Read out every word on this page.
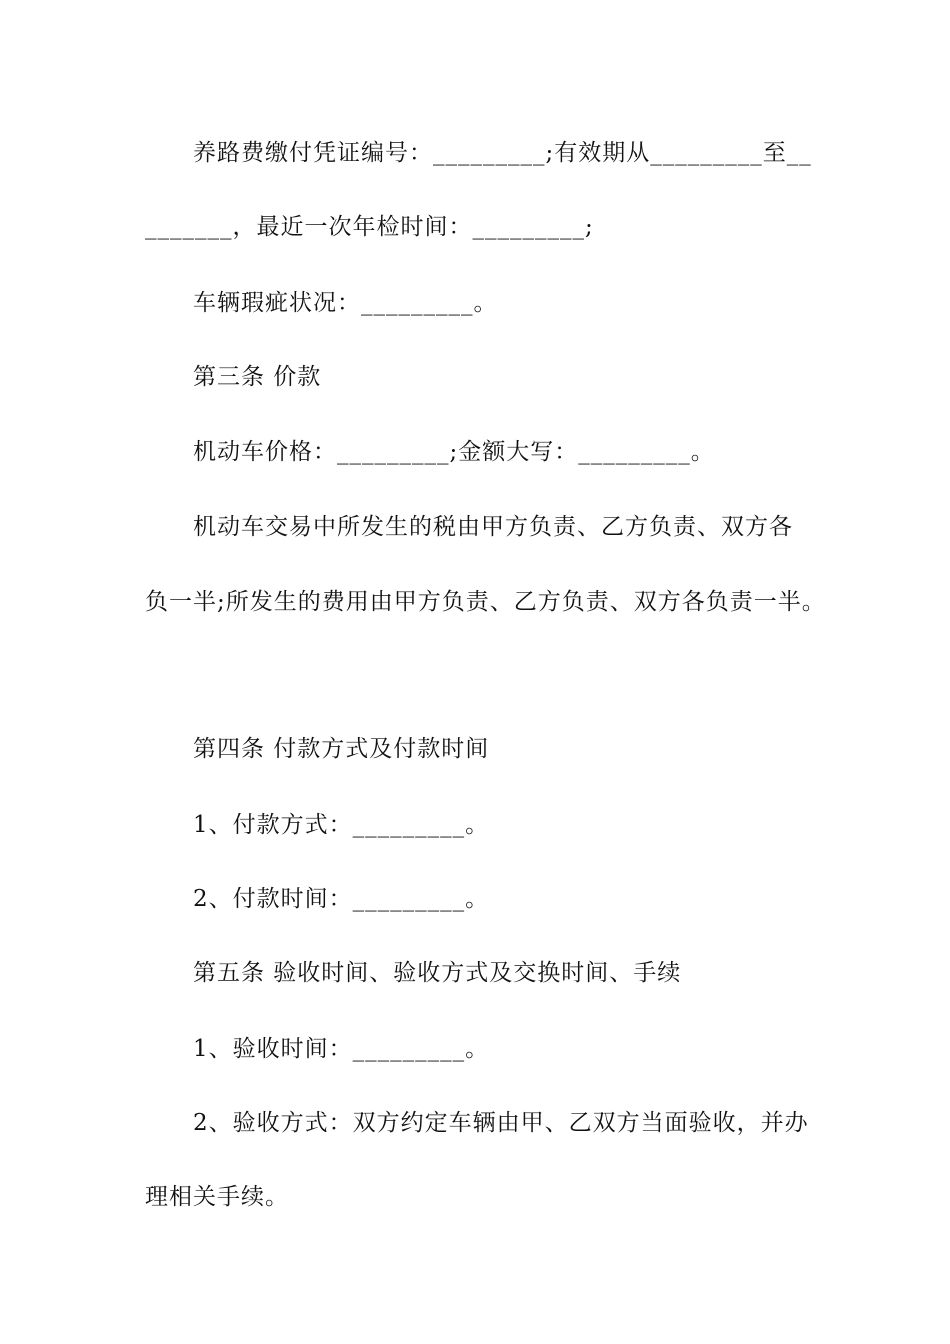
养路费缴付凭证编号：_________;有效期从_________至__
_______，最近一次年检时间：_________;
车辆瑕疵状况：_________。
第三条 价款
机动车价格：_________;金额大写：_________。
机动车交易中所发生的税由甲方负责、乙方负责、双方各
负一半;所发生的费用由甲方负责、乙方负责、双方各负责一半。
第四条 付款方式及付款时间
1、付款方式：_________。
2、付款时间：_________。
第五条 验收时间、验收方式及交换时间、手续
1、验收时间：_________。
2、验收方式：双方约定车辆由甲、乙双方当面验收，并办
理相关手续。
